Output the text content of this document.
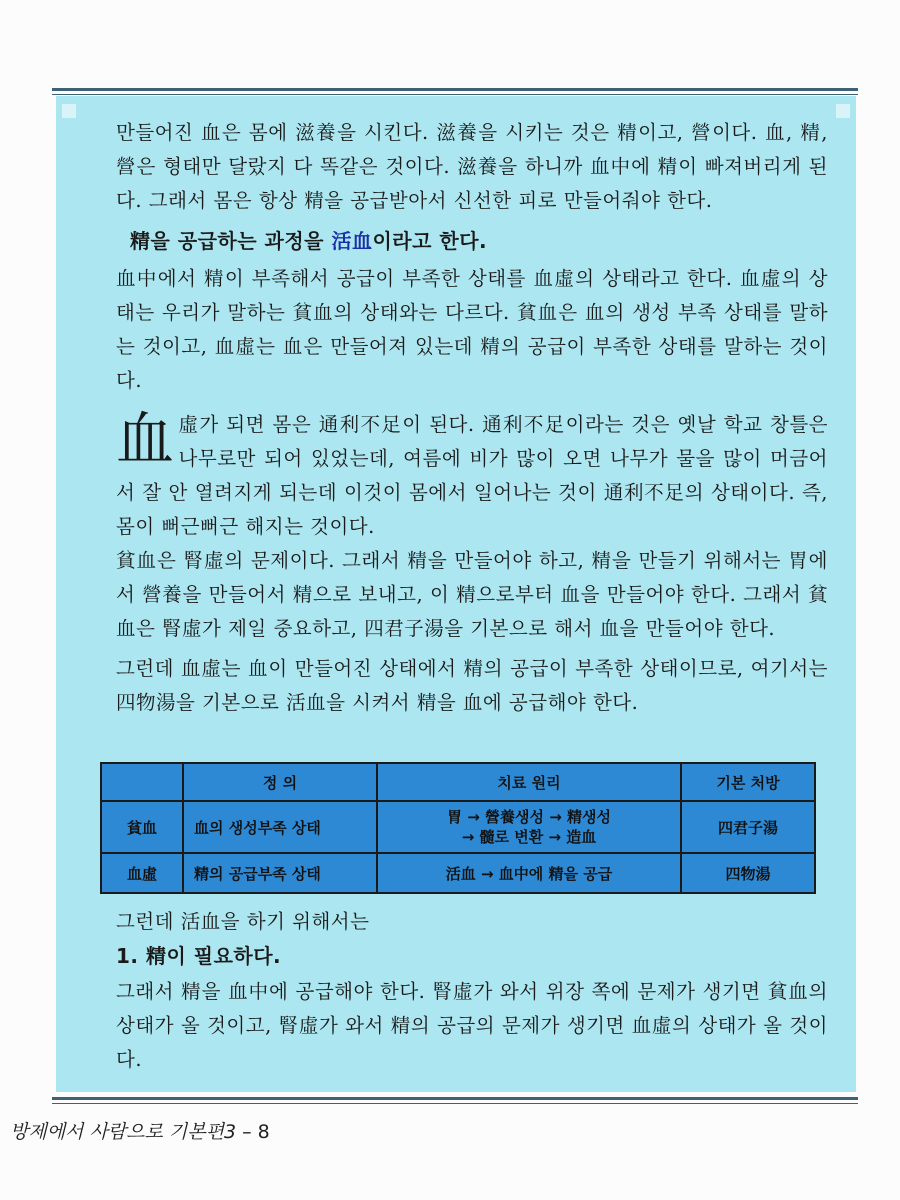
만들어진 血은 몸에 滋養을 시킨다. 滋養을 시키는 것은 精이고, 營이다. 血, 精, 營은 형태만 달랐지 다 똑같은 것이다. 滋養을 하니까 血中에 精이 빠져버리게 된다. 그래서 몸은 항상 精을 공급받아서 신선한 피로 만들어줘야 한다.

精을 공급하는 과정을 活血이라고 한다.

血中에서 精이 부족해서 공급이 부족한 상태를 血虛의 상태라고 한다. 血虛의 상태는 우리가 말하는 貧血의 상태와는 다르다. 貧血은 血의 생성 부족 상태를 말하는 것이고, 血虛는 血은 만들어져 있는데 精의 공급이 부족한 상태를 말하는 것이다.

血虛가 되면 몸은 通利不足이 된다. 通利不足이라는 것은 옛날 학교 창틀은 나무로만 되어 있었는데, 여름에 비가 많이 오면 나무가 물을 많이 머금어서 잘 안 열려지게 되는데 이것이 몸에서 일어나는 것이 通利不足의 상태이다. 즉, 몸이 뻐근뻐근 해지는 것이다.

貧血은 腎虛의 문제이다. 그래서 精을 만들어야 하고, 精을 만들기 위해서는 胃에서 營養을 만들어서 精으로 보내고, 이 精으로부터 血을 만들어야 한다. 그래서 貧血은 腎虛가 제일 중요하고, 四君子湯을 기본으로 해서 血을 만들어야 한다.

그런데 血虛는 血이 만들어진 상태에서 精의 공급이 부족한 상태이므로, 여기서는 四物湯을 기본으로 活血을 시켜서 精을 血에 공급해야 한다.

	정 의	치료 원리	기본 처방
貧血	血의 생성부족 상태	胃 → 營養생성 → 精생성
→ 髓로 변환 → 造血	四君子湯
血虛	精의 공급부족 상태	活血 → 血中에 精을 공급	四物湯

그런데 活血을 하기 위해서는

1. 精이 필요하다.

그래서 精을 血中에 공급해야 한다. 腎虛가 와서 위장 쪽에 문제가 생기면 貧血의 상태가 올 것이고, 腎虛가 와서 精의 공급의 문제가 생기면 血虛의 상태가 올 것이다.

방제에서 사람으로 기본편3 – 8
